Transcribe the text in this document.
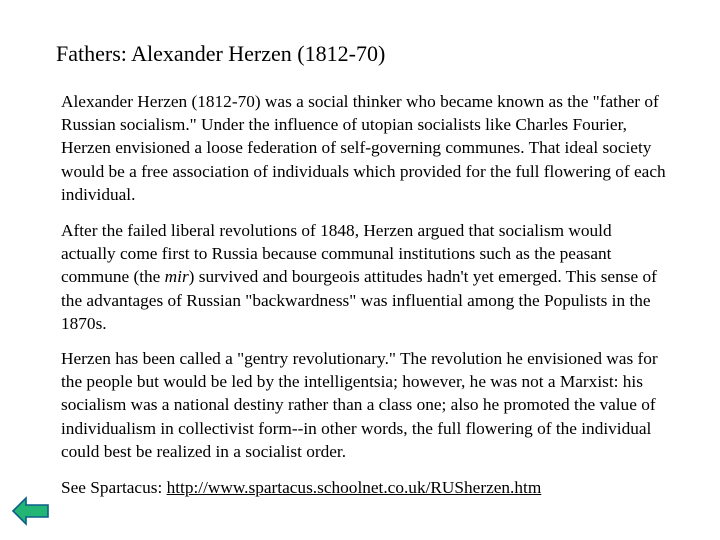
Fathers: Alexander Herzen (1812-70)

Alexander Herzen (1812-70) was a social thinker who became known as the "father of Russian socialism." Under the influence of utopian socialists like Charles Fourier, Herzen envisioned a loose federation of self-governing communes. That ideal society would be a free association of individuals which provided for the full flowering of each individual.

After the failed liberal revolutions of 1848, Herzen argued that socialism would actually come first to Russia because communal institutions such as the peasant commune (the mir) survived and bourgeois attitudes hadn't yet emerged. This sense of the advantages of Russian "backwardness" was influential among the Populists in the 1870s.

Herzen has been called a "gentry revolutionary." The revolution he envisioned was for the people but would be led by the intelligentsia; however, he was not a Marxist: his socialism was a national destiny rather than a class one; also he promoted the value of individualism in collectivist form--in other words, the full flowering of the individual could best be realized in a socialist order.

See Spartacus: http://www.spartacus.schoolnet.co.uk/RUSherzen.htm
